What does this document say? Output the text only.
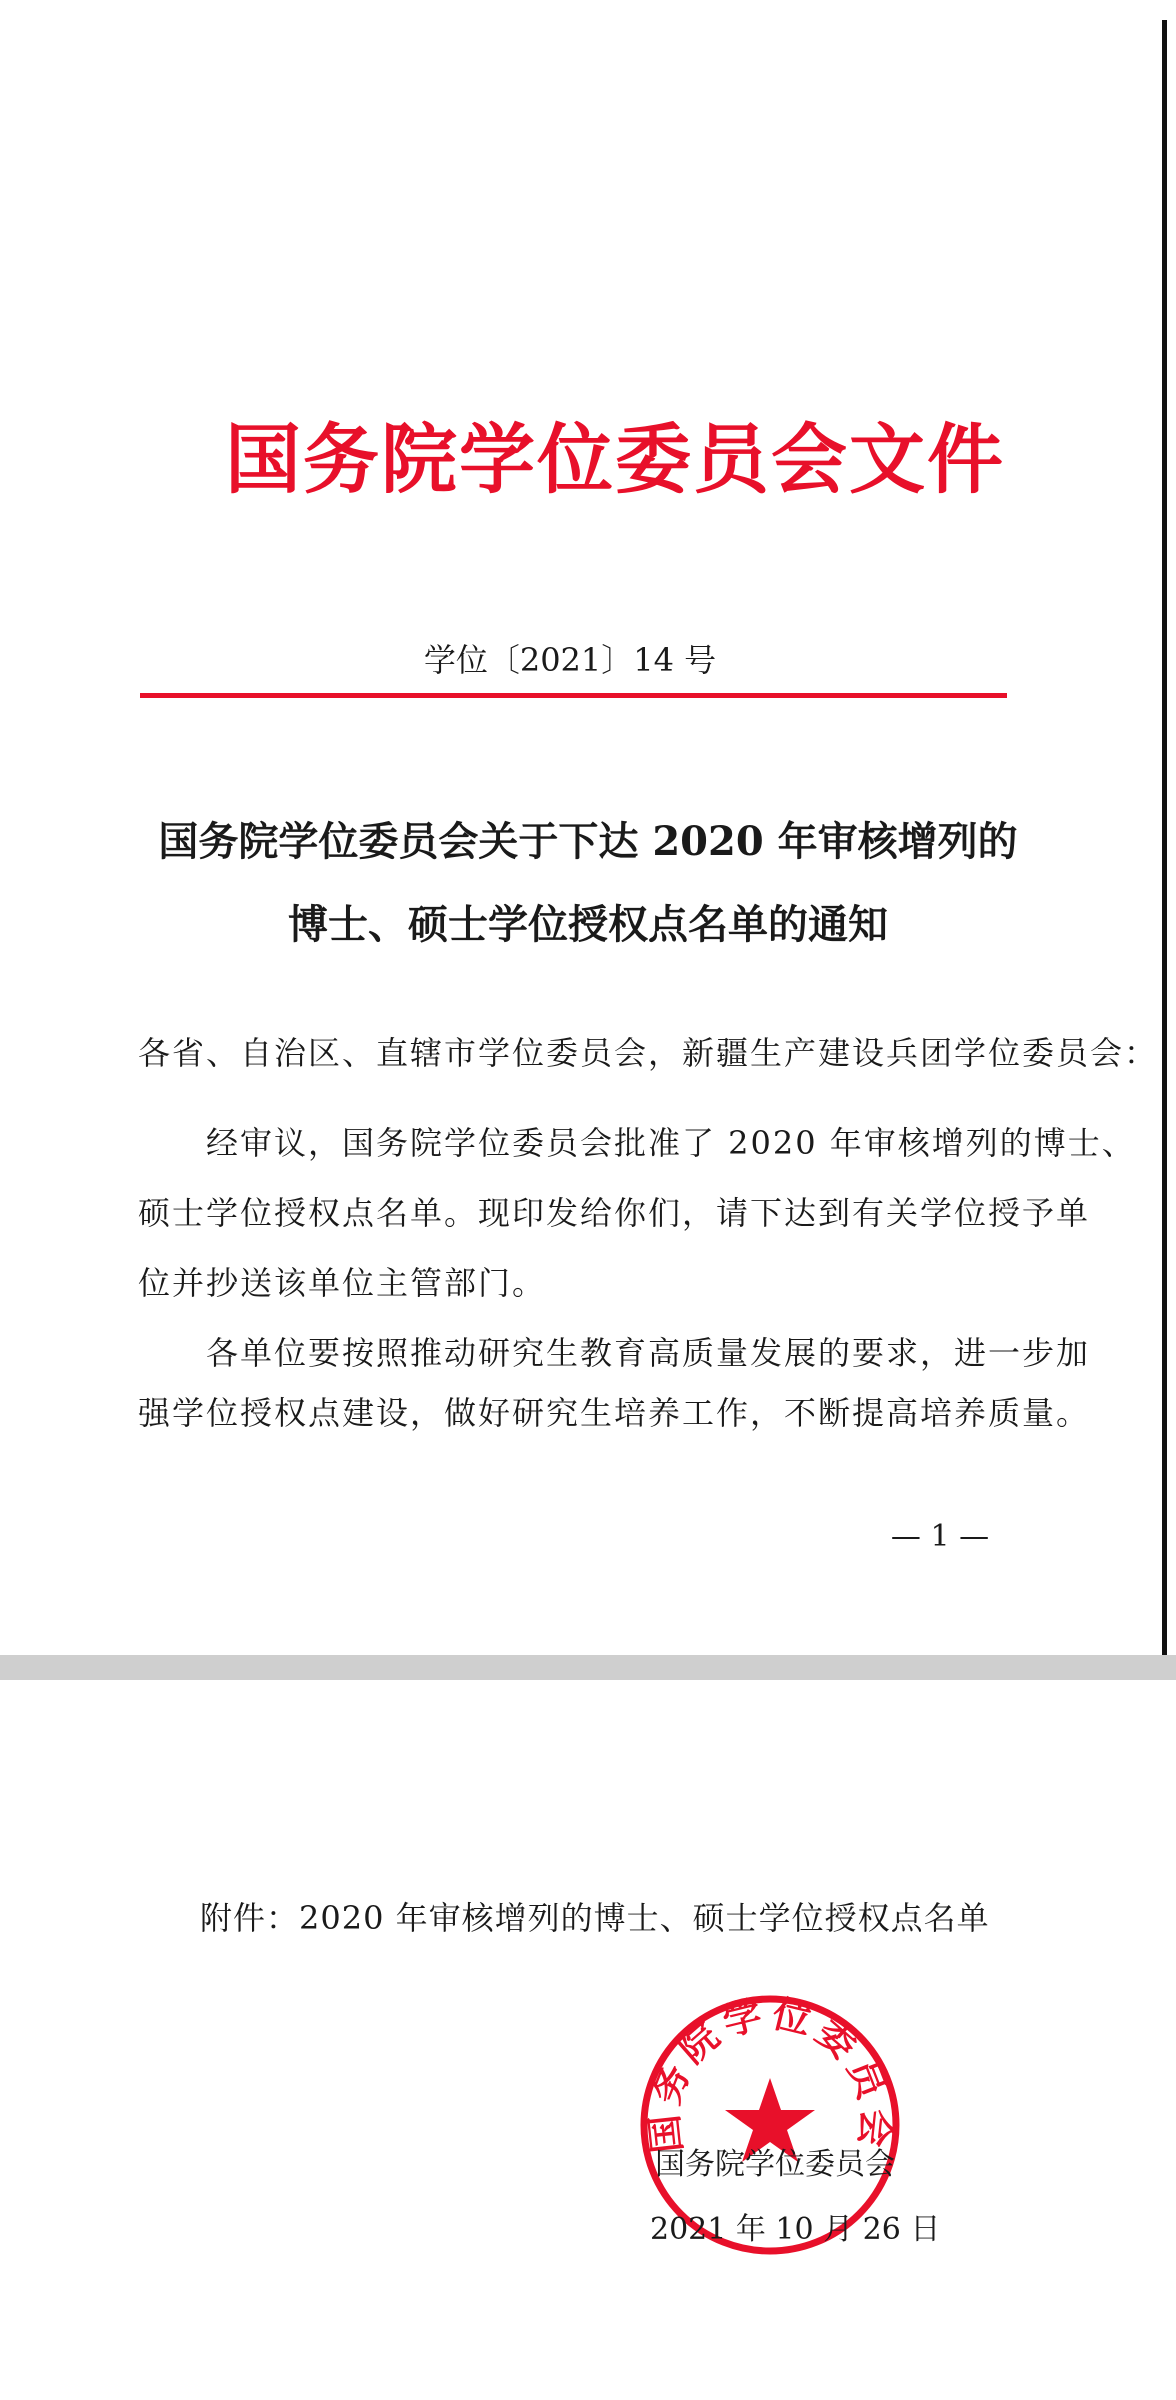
国务院学位委员会文件
学位〔2021〕14 号
国务院学位委员会关于下达 2020 年审核增列的
博士、硕士学位授权点名单的通知
各省、自治区、直辖市学位委员会，新疆生产建设兵团学位委员会：
　　经审议，国务院学位委员会批准了 2020 年审核增列的博士、
硕士学位授权点名单。现印发给你们，请下达到有关学位授予单
位并抄送该单位主管部门。
　　各单位要按照推动研究生教育高质量发展的要求，进一步加
强学位授权点建设，做好研究生培养工作，不断提高培养质量。
— 1 —
附件：2020 年审核增列的博士、硕士学位授权点名单
国务院学位委员会
国务院学位委员会
2021 年 10 月 26 日
